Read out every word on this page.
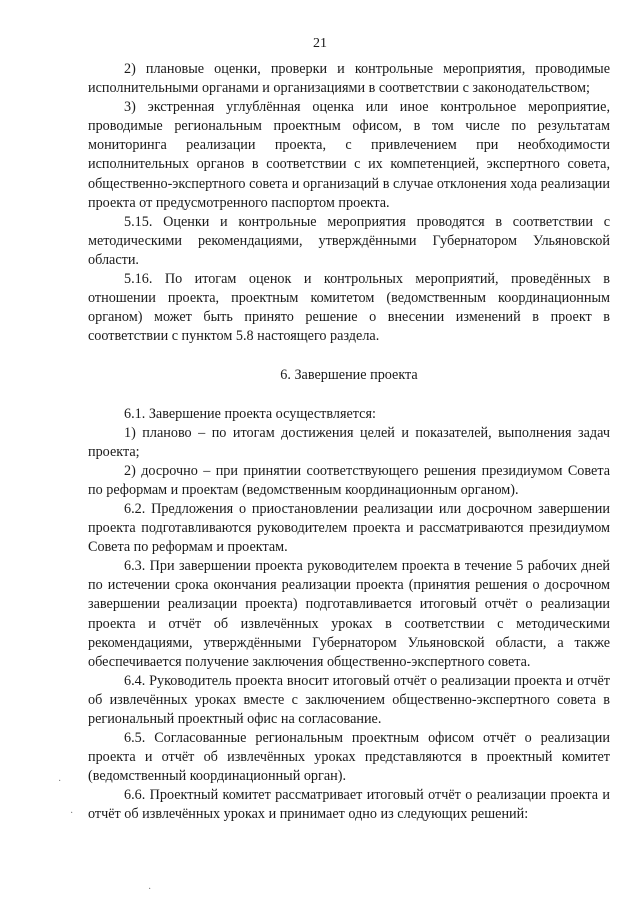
21

2) плановые оценки, проверки и контрольные мероприятия, проводимые исполнительными органами и организациями в соответствии с законодательством;

3) экстренная углублённая оценка или иное контрольное мероприятие, проводимые региональным проектным офисом, в том числе по результатам мониторинга реализации проекта, с привлечением при необходимости исполнительных органов в соответствии с их компетенцией, экспертного совета, общественно-экспертного совета и организаций в случае отклонения хода реализации проекта от предусмотренного паспортом проекта.

5.15. Оценки и контрольные мероприятия проводятся в соответствии с методическими рекомендациями, утверждёнными Губернатором Ульяновской области.

5.16. По итогам оценок и контрольных мероприятий, проведённых в отношении проекта, проектным комитетом (ведомственным координационным органом) может быть принято решение о внесении изменений в проект в соответствии с пунктом 5.8 настоящего раздела.

6. Завершение проекта

6.1. Завершение проекта осуществляется:

1) планово – по итогам достижения целей и показателей, выполнения задач проекта;

2) досрочно – при принятии соответствующего решения президиумом Совета по реформам и проектам (ведомственным координационным органом).

6.2. Предложения о приостановлении реализации или досрочном завершении проекта подготавливаются руководителем проекта и рассматриваются президиумом Совета по реформам и проектам.

6.3. При завершении проекта руководителем проекта в течение 5 рабочих дней по истечении срока окончания реализации проекта (принятия решения о досрочном завершении реализации проекта) подготавливается итоговый отчёт о реализации проекта и отчёт об извлечённых уроках в соответствии с методическими рекомендациями, утверждёнными Губернатором Ульяновской области, а также обеспечивается получение заключения общественно-экспертного совета.

6.4. Руководитель проекта вносит итоговый отчёт о реализации проекта и отчёт об извлечённых уроках вместе с заключением общественно-экспертного совета в региональный проектный офис на согласование.

6.5. Согласованные региональным проектным офисом отчёт о реализации проекта и отчёт об извлечённых уроках представляются в проектный комитет (ведомственный координационный орган).

6.6. Проектный комитет рассматривает итоговый отчёт о реализации проекта и отчёт об извлечённых уроках и принимает одно из следующих решений:

·
·
·
